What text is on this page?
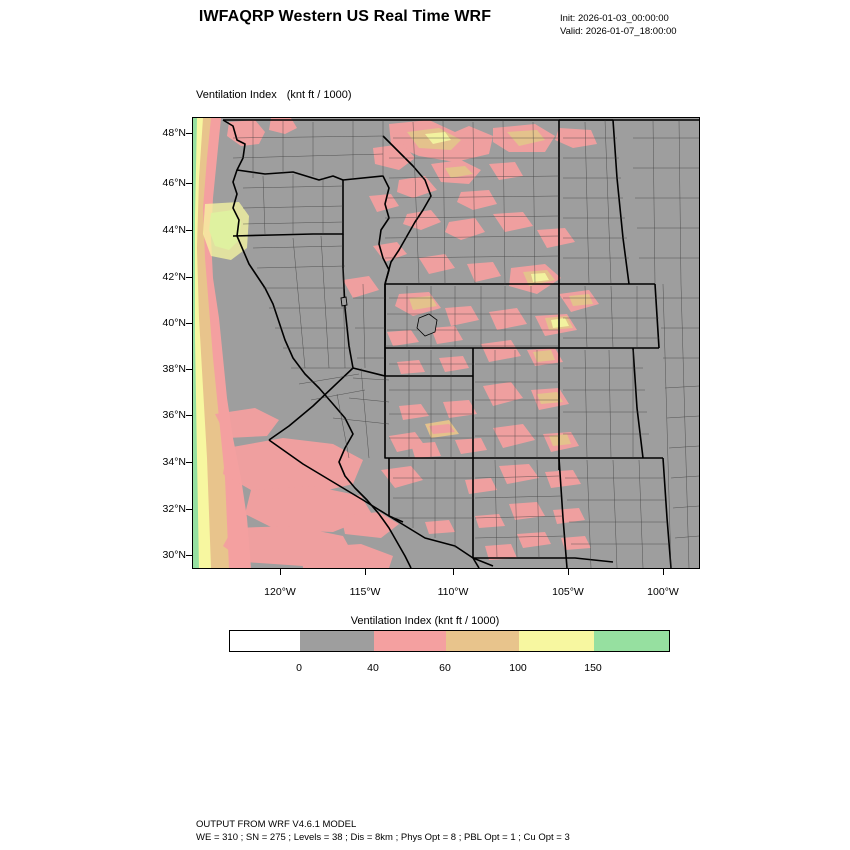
IWFAQRP Western US Real Time WRF	Init: 2026-01-03_00:00:00
Valid: 2026-01-07_18:00:00
Ventilation Index (knt ft / 1000)
48°N
46°N
44°N
42°N
40°N
38°N
36°N
34°N
32°N
30°N
120°W	115°W	110°W	105°W	100°W
Ventilation Index (knt ft / 1000)
0	40	60	100	150
OUTPUT FROM WRF V4.6.1 MODEL
WE = 310 ; SN = 275 ; Levels = 38 ; Dis = 8km ; Phys Opt = 8 ; PBL Opt = 1 ; Cu Opt = 3
